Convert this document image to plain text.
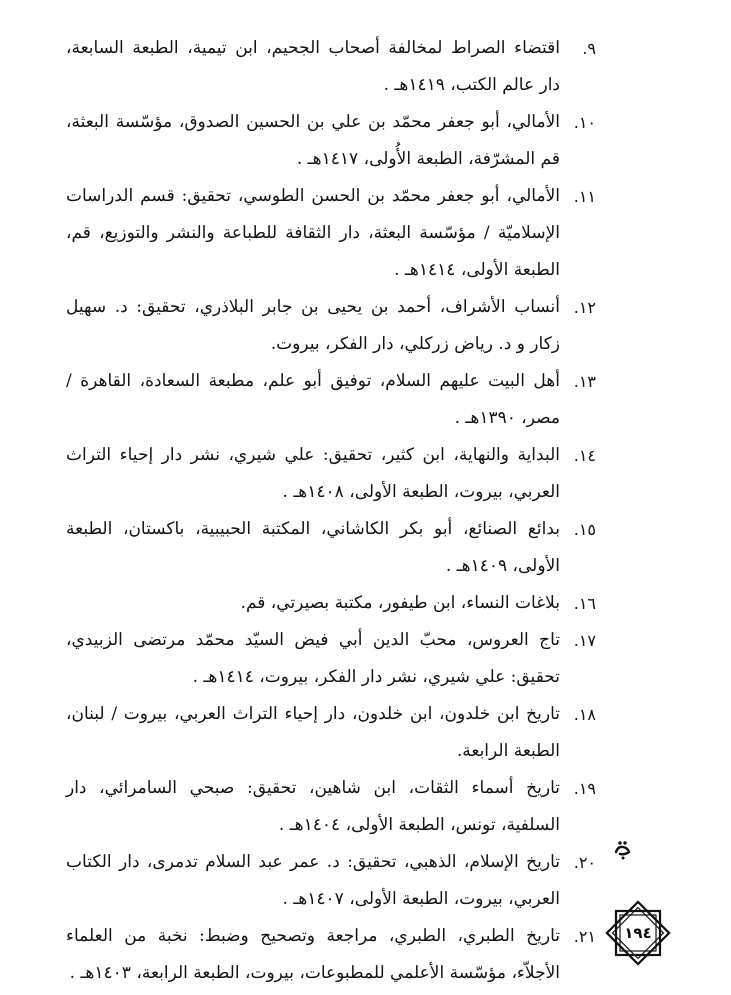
٩.
اقتضاء الصراط لمخالفة أصحاب الجحيم، ابن تيمية، الطبعة السابعة، دار عالم الكتب، ١٤١٩هـ .
١٠.
الأمالي، أبو جعفر محمّد بن علي بن الحسين الصدوق، مؤسّسة البعثة، قم المشرّفة، الطبعة الأُولى، ١٤١٧هـ .
١١.
الأمالي، أبو جعفر محمّد بن الحسن الطوسي، تحقيق: قسم الدراسات الإسلاميّة / مؤسّسة البعثة، دار الثقافة للطباعة والنشر والتوزيع، قم، الطبعة الأولى، ١٤١٤هـ .
١٢.
أنساب الأشراف، أحمد بن يحيى بن جابر البلاذري، تحقيق: د. سهيل زكار و د. رياض زركلي، دار الفكر، بيروت.
١٣.
أهل البيت عليهم السلام، توفيق أبو علم، مطبعة السعادة، القاهرة / مصر، ١٣٩٠هـ .
١٤.
البداية والنهاية، ابن كثير، تحقيق: علي شيري، نشر دار إحياء التراث العربي، بيروت، الطبعة الأولى، ١٤٠٨هـ .
١٥.
بدائع الصنائع، أبو بكر الكاشاني، المكتبة الحبيبية، باكستان، الطبعة الأولى، ١٤٠٩هـ .
١٦.
بلاغات النساء، ابن طيفور، مكتبة بصيرتي، قم.
١٧.
تاج العروس، محبّ الدين أبي فيض السيّد محمّد مرتضى الزبيدي، تحقيق: علي شيري، نشر دار الفكر، بيروت، ١٤١٤هـ .
١٨.
تاريخ ابن خلدون، ابن خلدون، دار إحياء التراث العربي، بيروت / لبنان، الطبعة الرابعة.
١٩.
تاريخ أسماء الثقات، ابن شاهين، تحقيق: صبحي السامرائي، دار السلفية، تونس، الطبعة الأولى، ١٤٠٤هـ .
٢٠.
تاريخ الإسلام، الذهبي، تحقيق: د. عمر عبد السلام تدمرى، دار الكتاب العربي، بيروت، الطبعة الأولى، ١٤٠٧هـ .
٢١.
تاريخ الطبري، الطبري، مراجعة وتصحيح وضبط: نخبة من العلماء الأجلاّء، مؤسّسة الأعلمي للمطبوعات، بيروت، الطبعة الرابعة، ١٤٠٣هـ .
١٩٤
